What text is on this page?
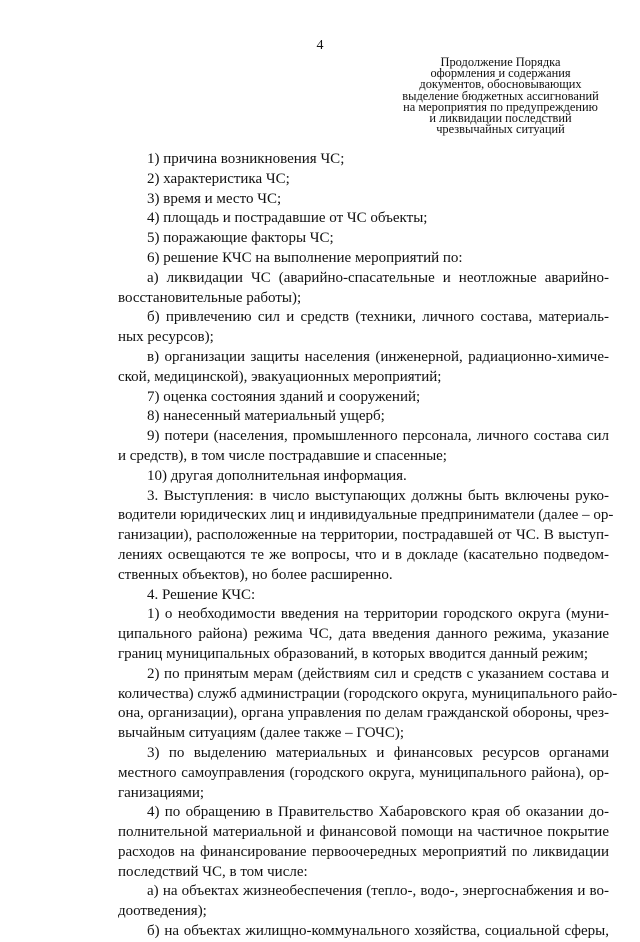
4
Продолжение Порядка
оформления и содержания
документов, обосновывающих
выделение бюджетных ассигнований
на мероприятия по предупреждению
и ликвидации последствий
чрезвычайных ситуаций

1) причина возникновения ЧС;

2) характеристика ЧС;

3) время и место ЧС;

4) площадь и пострадавшие от ЧС объекты;

5) поражающие факторы ЧС;

6) решение КЧС на выполнение мероприятий по:

а) ликвидации ЧС (аварийно-спасательные и неотложные аварийно-

восстановительные работы);

б) привлечению сил и средств (техники, личного состава, материаль-

ных ресурсов);

в) организации защиты населения (инженерной, радиационно-химиче-

ской, медицинской), эвакуационных мероприятий;

7) оценка состояния зданий и сооружений;

8) нанесенный материальный ущерб;

9) потери (населения, промышленного персонала, личного состава сил

и средств), в том числе пострадавшие и спасенные;

10) другая дополнительная информация.

3. Выступления: в число выступающих должны быть включены руко-

водители юридических лиц и индивидуальные предприниматели (далее – ор-

ганизации), расположенные на территории, пострадавшей от ЧС. В выступ-

лениях освещаются те же вопросы, что и в докладе (касательно подведом-

ственных объектов), но более расширенно.

4. Решение КЧС:

1) о необходимости введения на территории городского округа (муни-

ципального района) режима ЧС, дата введения данного режима, указание

границ муниципальных образований, в которых вводится данный режим;

2) по принятым мерам (действиям сил и средств с указанием состава и

количества) служб администрации (городского округа, муниципального райо-

она, организации), органа управления по делам гражданской обороны, чрез-

вычайным ситуациям (далее также – ГОЧС);

3) по выделению материальных и финансовых ресурсов органами

местного самоуправления (городского округа, муниципального района), ор-

ганизациями;

4) по обращению в Правительство Хабаровского края об оказании до-

полнительной материальной и финансовой помощи на частичное покрытие

расходов на финансирование первоочередных мероприятий по ликвидации

последствий ЧС, в том числе:

а) на объектах жизнеобеспечения (тепло-, водо-, энергоснабжения и во-

доотведения);

б) на объектах жилищно-коммунального хозяйства, социальной сферы,
